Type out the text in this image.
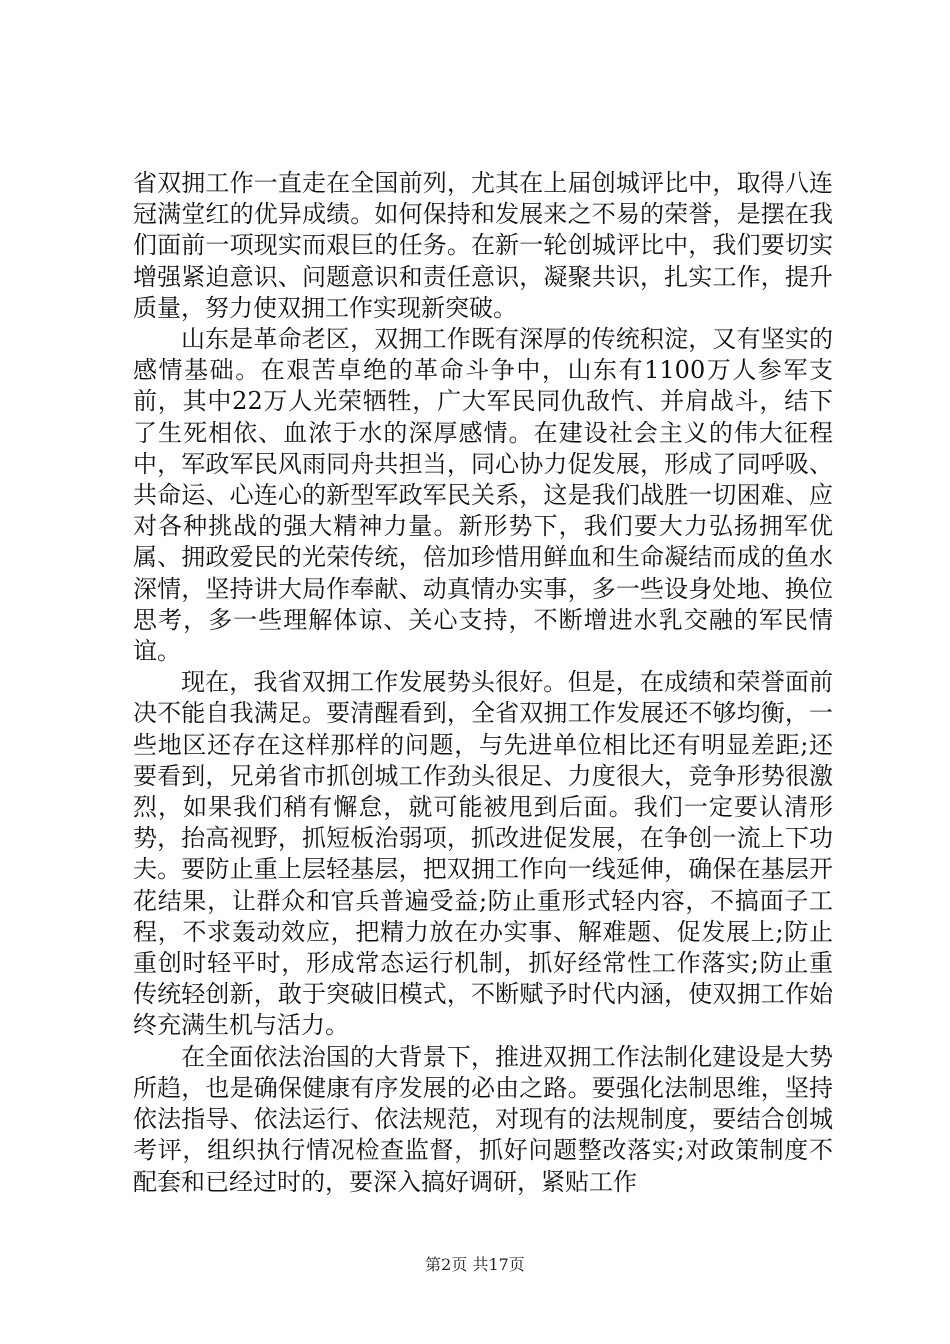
省双拥工作一直走在全国前列，尤其在上届创城评比中，取得八连冠满堂红的优异成绩。如何保持和发展来之不易的荣誉，是摆在我们面前一项现实而艰巨的任务。在新一轮创城评比中，我们要切实增强紧迫意识、问题意识和责任意识，凝聚共识，扎实工作，提升质量，努力使双拥工作实现新突破。

山东是革命老区，双拥工作既有深厚的传统积淀，又有坚实的感情基础。在艰苦卓绝的革命斗争中，山东有1100万人参军支前，其中22万人光荣牺牲，广大军民同仇敌忾、并肩战斗，结下了生死相依、血浓于水的深厚感情。在建设社会主义的伟大征程中，军政军民风雨同舟共担当，同心协力促发展，形成了同呼吸、共命运、心连心的新型军政军民关系，这是我们战胜一切困难、应对各种挑战的强大精神力量。新形势下，我们要大力弘扬拥军优属、拥政爱民的光荣传统，倍加珍惜用鲜血和生命凝结而成的鱼水深情，坚持讲大局作奉献、动真情办实事，多一些设身处地、换位思考，多一些理解体谅、关心支持，不断增进水乳交融的军民情谊。

现在，我省双拥工作发展势头很好。但是，在成绩和荣誉面前决不能自我满足。要清醒看到，全省双拥工作发展还不够均衡，一些地区还存在这样那样的问题，与先进单位相比还有明显差距;还要看到，兄弟省市抓创城工作劲头很足、力度很大，竞争形势很激烈，如果我们稍有懈怠，就可能被甩到后面。我们一定要认清形势，抬高视野，抓短板治弱项，抓改进促发展，在争创一流上下功夫。要防止重上层轻基层，把双拥工作向一线延伸，确保在基层开花结果，让群众和官兵普遍受益;防止重形式轻内容，不搞面子工程，不求轰动效应，把精力放在办实事、解难题、促发展上;防止重创时轻平时，形成常态运行机制，抓好经常性工作落实;防止重传统轻创新，敢于突破旧模式，不断赋予时代内涵，使双拥工作始终充满生机与活力。

在全面依法治国的大背景下，推进双拥工作法制化建设是大势所趋，也是确保健康有序发展的必由之路。要强化法制思维，坚持依法指导、依法运行、依法规范，对现有的法规制度，要结合创城考评，组织执行情况检查监督，抓好问题整改落实;对政策制度不配套和已经过时的，要深入搞好调研，紧贴工作

第2页 共17页
